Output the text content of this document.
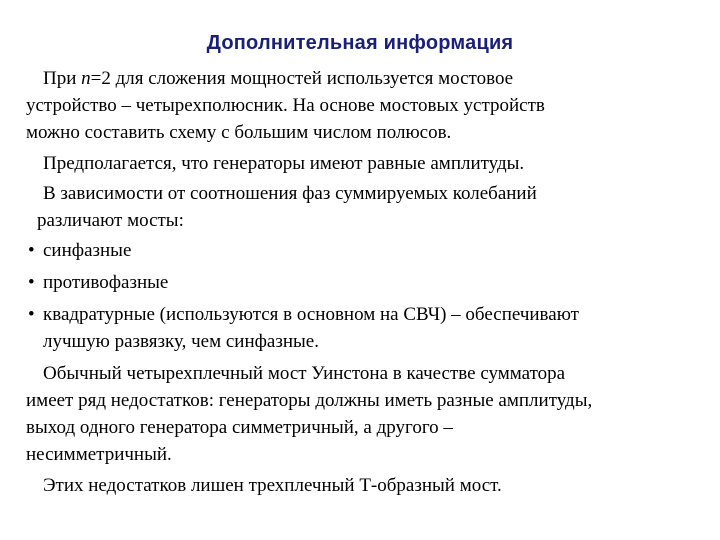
Дополнительная информация
При n=2 для сложения мощностей используется мостовое
устройство – четырехполюсник. На основе мостовых устройств
можно составить схему с большим числом полюсов.
Предполагается, что генераторы имеют равные амплитуды.
В зависимости от соотношения фаз суммируемых колебаний
различают мосты:
• синфазные
• противофазные
• квадратурные (используются в основном на СВЧ) – обеспечивают
лучшую развязку, чем синфазные.
Обычный четырехплечный мост Уинстона в качестве сумматора
имеет ряд недостатков: генераторы должны иметь разные амплитуды,
выход одного генератора симметричный, а другого –
несимметричный.
Этих недостатков лишен трехплечный Т-образный мост.
